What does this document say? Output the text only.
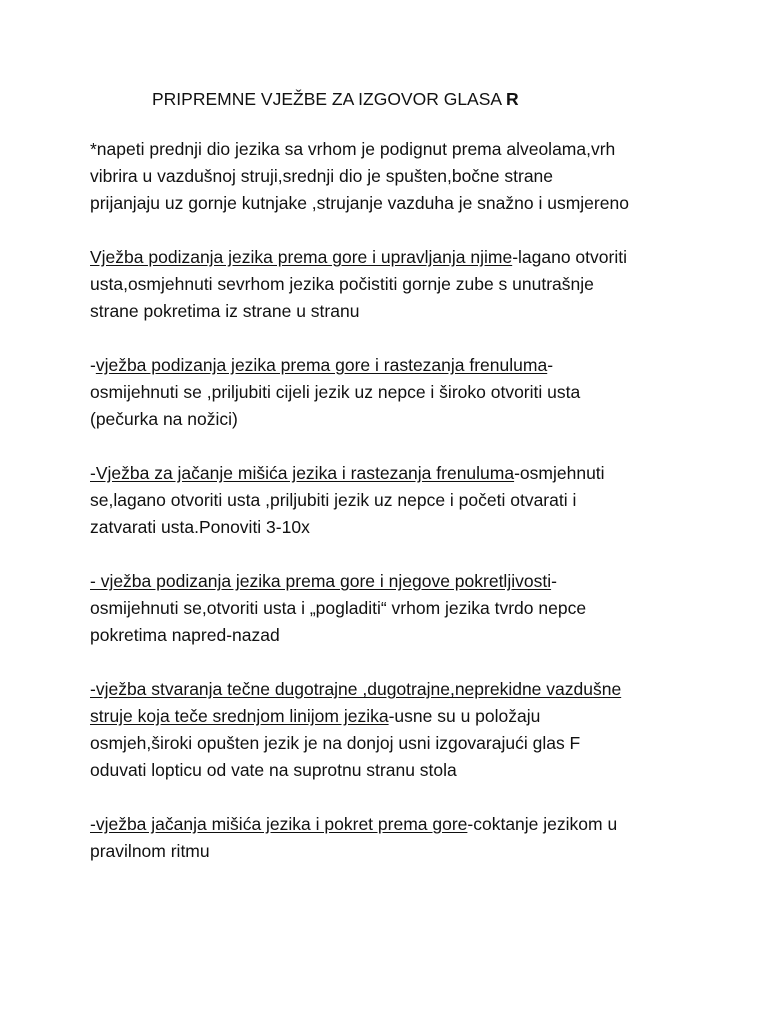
PRIPREMNE VJEŽBE ZA IZGOVOR GLASA R
*napeti prednji dio jezika sa vrhom je podignut prema alveolama,vrh
vibrira u vazdušnoj struji,srednji dio je spušten,bočne strane
prijanjaju uz gornje kutnjake ,strujanje vazduha je snažno i usmjereno
Vježba podizanja jezika prema gore i upravljanja njime-lagano otvoriti
usta,osmjehnuti sevrhom jezika počistiti gornje zube s unutrašnje
strane pokretima iz strane u stranu
-vježba podizanja jezika prema gore i rastezanja frenuluma-
osmijehnuti se ,priljubiti cijeli jezik uz nepce i široko otvoriti usta
(pečurka na nožici)
-Vježba za jačanje mišića jezika i rastezanja frenuluma-osmjehnuti
se,lagano otvoriti usta ,priljubiti jezik uz nepce i početi otvarati i
zatvarati usta.Ponoviti 3-10x
- vježba podizanja jezika prema gore i njegove pokretljivosti-
osmijehnuti se,otvoriti usta i „pogladiti“ vrhom jezika tvrdo nepce
pokretima napred-nazad
-vježba stvaranja tečne dugotrajne ,dugotrajne,neprekidne vazdušne
struje koja teče srednjom linijom jezika-usne su u položaju
osmjeh,široki opušten jezik je na donjoj usni izgovarajući glas F
oduvati lopticu od vate na suprotnu stranu stola
-vježba jačanja mišića jezika i pokret prema gore-coktanje jezikom u
pravilnom ritmu
